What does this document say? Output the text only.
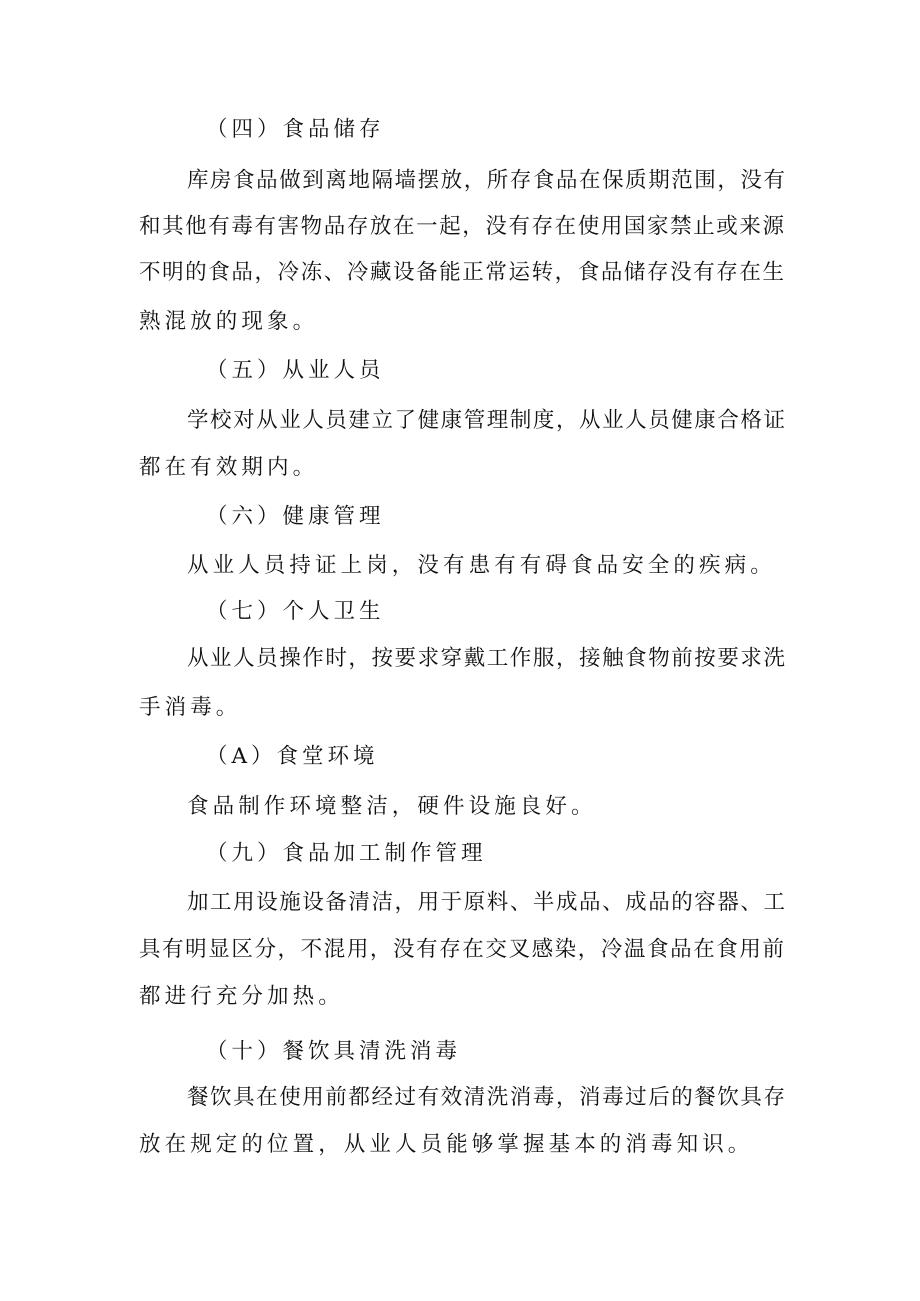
（四）食品储存
库房食品做到离地隔墙摆放，所存食品在保质期范围，没有
和其他有毒有害物品存放在一起，没有存在使用国家禁止或来源
不明的食品，冷冻、冷藏设备能正常运转，食品储存没有存在生
熟混放的现象。
（五）从业人员
学校对从业人员建立了健康管理制度，从业人员健康合格证
都在有效期内。
（六）健康管理
从业人员持证上岗，没有患有有碍食品安全的疾病。
（七）个人卫生
从业人员操作时，按要求穿戴工作服，接触食物前按要求洗
手消毒。
（A）食堂环境
食品制作环境整洁，硬件设施良好。
（九）食品加工制作管理
加工用设施设备清洁，用于原料、半成品、成品的容器、工
具有明显区分，不混用，没有存在交叉感染，冷温食品在食用前
都进行充分加热。
（十）餐饮具清洗消毒
餐饮具在使用前都经过有效清洗消毒，消毒过后的餐饮具存
放在规定的位置，从业人员能够掌握基本的消毒知识。
